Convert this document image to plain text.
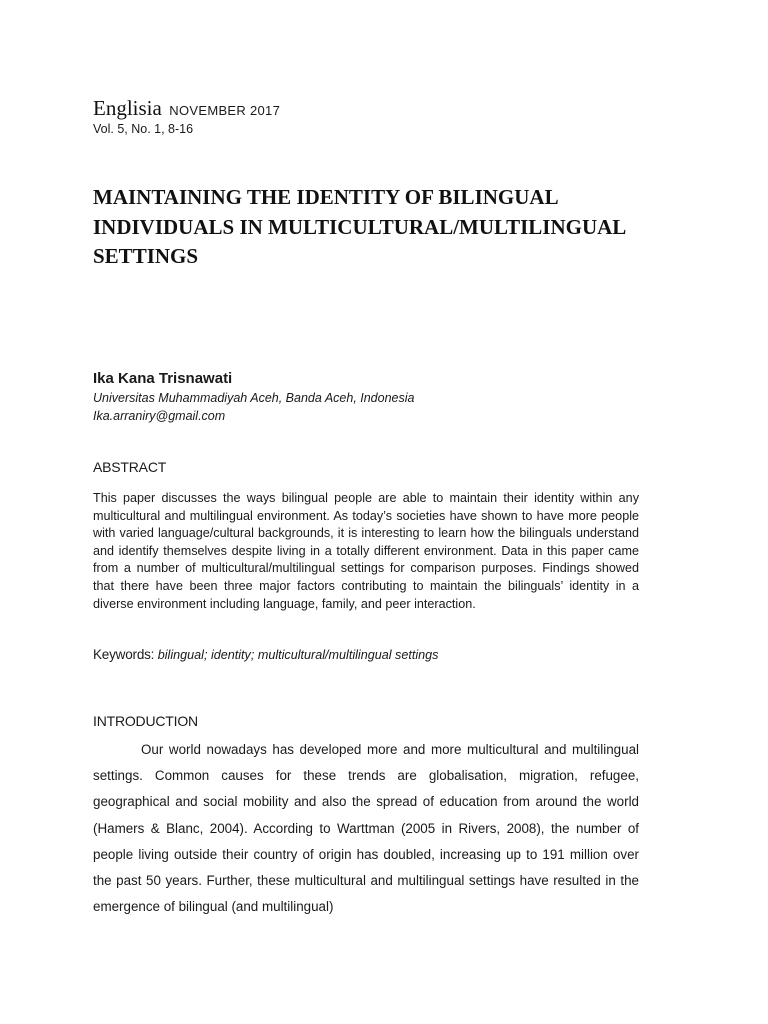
Englisia NOVEMBER 2017
Vol. 5, No. 1, 8-16
MAINTAINING THE IDENTITY OF BILINGUAL INDIVIDUALS IN MULTICULTURAL/MULTILINGUAL SETTINGS
Ika Kana Trisnawati
Universitas Muhammadiyah Aceh, Banda Aceh, Indonesia
Ika.arraniry@gmail.com
ABSTRACT

This paper discusses the ways bilingual people are able to maintain their identity within any multicultural and multilingual environment. As today’s societies have shown to have more people with varied language/cultural backgrounds, it is interesting to learn how the bilinguals understand and identify themselves despite living in a totally different environment. Data in this paper came from a number of multicultural/multilingual settings for comparison purposes. Findings showed that there have been three major factors contributing to maintain the bilinguals’ identity in a diverse environment including language, family, and peer interaction.

Keywords: bilingual; identity; multicultural/multilingual settings
INTRODUCTION

Our world nowadays has developed more and more multicultural and multilingual settings. Common causes for these trends are globalisation, migration, refugee, geographical and social mobility and also the spread of education from around the world (Hamers & Blanc, 2004). According to Warttman (2005 in Rivers, 2008), the number of people living outside their country of origin has doubled, increasing up to 191 million over the past 50 years. Further, these multicultural and multilingual settings have resulted in the emergence of bilingual (and multilingual)
